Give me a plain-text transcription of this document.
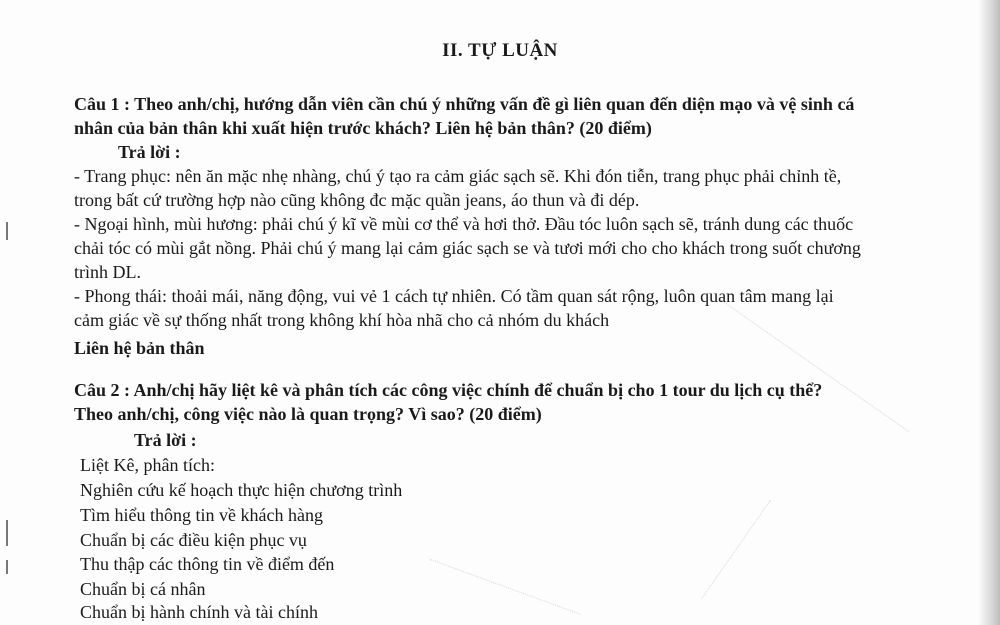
II. TỰ LUẬN
Câu 1 : Theo anh/chị, hướng dẫn viên cần chú ý những vấn đề gì liên quan đến diện mạo và vệ sinh cá
nhân của bản thân khi xuất hiện trước khách? Liên hệ bản thân? (20 điểm)
Trả lời :
- Trang phục: nên ăn mặc nhẹ nhàng, chú ý tạo ra cảm giác sạch sẽ. Khi đón tiễn, trang phục phải chỉnh tề,
trong bất cứ trường hợp nào cũng không đc mặc quần jeans, áo thun và đi dép.
- Ngoại hình, mùi hương: phải chú ý kĩ về mùi cơ thể và hơi thở. Đầu tóc luôn sạch sẽ, tránh dung các thuốc
chải tóc có mùi gắt nồng. Phải chú ý mang lại cảm giác sạch se và tươi mới cho cho khách trong suốt chương
trình DL.
- Phong thái: thoải mái, năng động, vui vẻ 1 cách tự nhiên. Có tầm quan sát rộng, luôn quan tâm mang lại
cảm giác về sự thống nhất trong không khí hòa nhã cho cả nhóm du khách
Liên hệ bản thân
Câu 2 : Anh/chị hãy liệt kê và phân tích các công việc chính để chuẩn bị cho 1 tour du lịch cụ thể?
Theo anh/chị, công việc nào là quan trọng? Vì sao? (20 điểm)
Trả lời :
Liệt Kê, phân tích:
Nghiên cứu kế hoạch thực hiện chương trình
Tìm hiểu thông tin về khách hàng
Chuẩn bị các điều kiện phục vụ
Thu thập các thông tin về điểm đến
Chuẩn bị cá nhân
Chuẩn bị hành chính và tài chính
